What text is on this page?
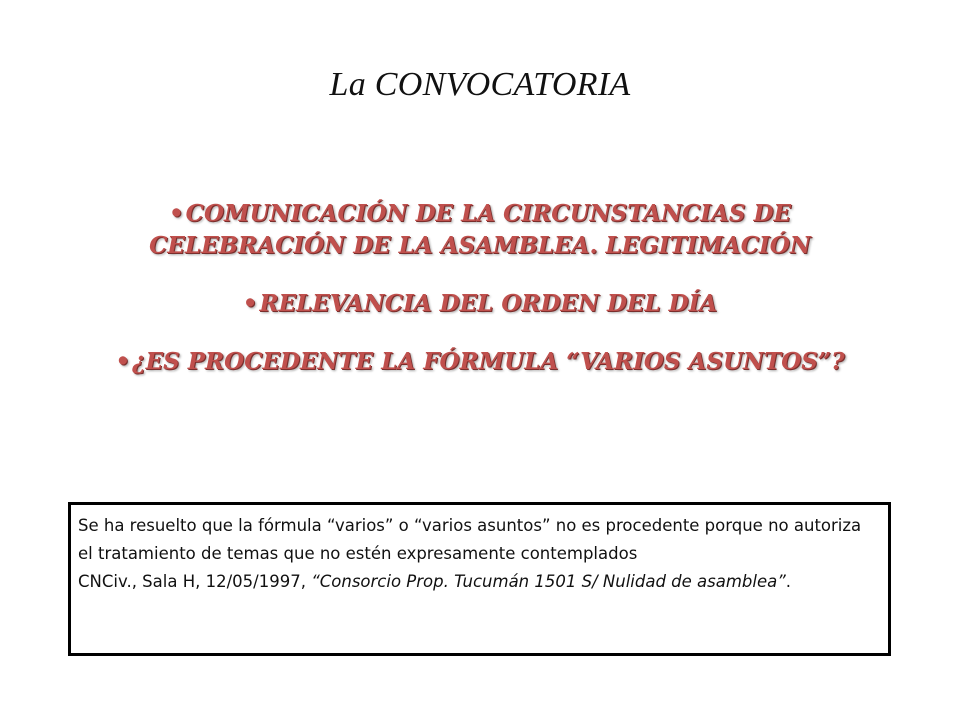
La CONVOCATORIA
•COMUNICACIÓN DE LA CIRCUNSTANCIAS DE CELEBRACIÓN DE LA ASAMBLEA. LEGITIMACIÓN
•RELEVANCIA DEL ORDEN DEL DÍA
•¿ES PROCEDENTE LA FÓRMULA “VARIOS ASUNTOS”?

Se ha resuelto que la fórmula “varios” o “varios asuntos” no es procedente porque no autoriza el tratamiento de temas que no estén expresamente contemplados

CNCiv., Sala H, 12/05/1997, “Consorcio Prop. Tucumán 1501 S/ Nulidad de asamblea”.
